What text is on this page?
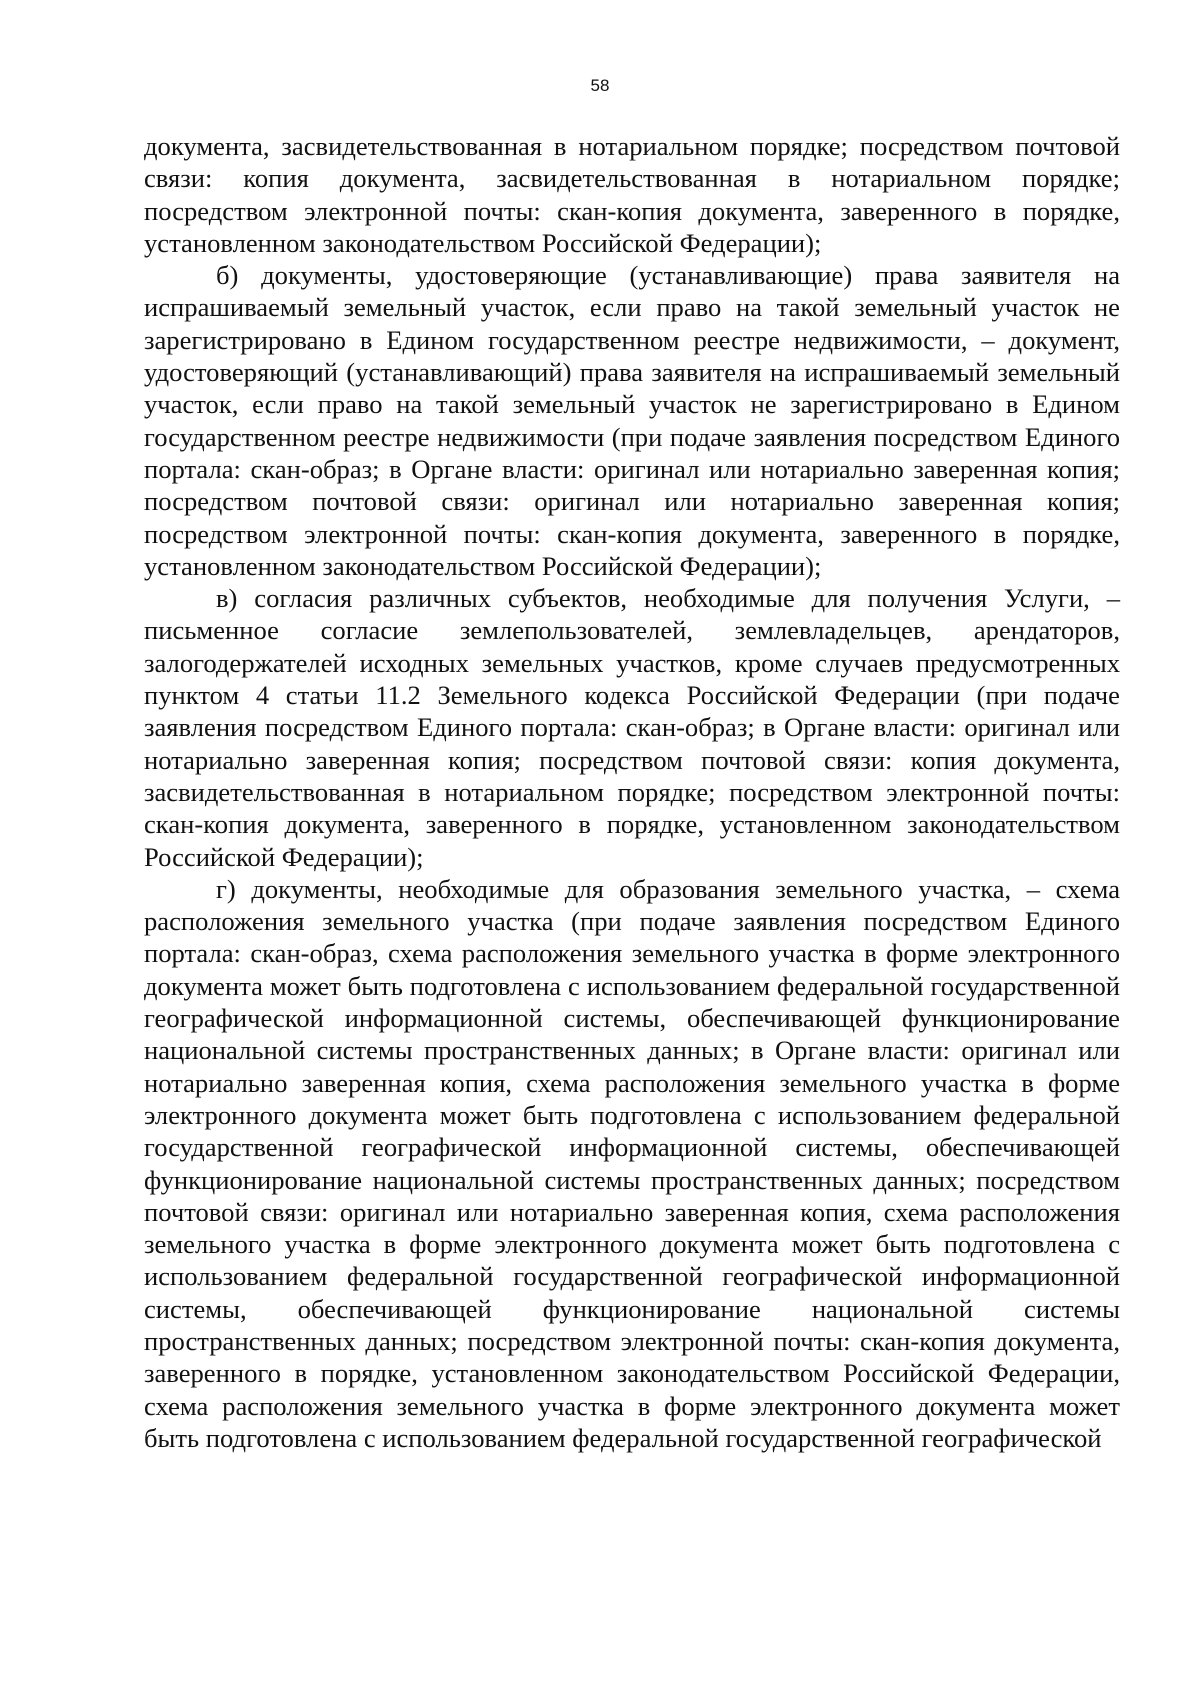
58

документа, засвидетельствованная в нотариальном порядке; посредством почтовой связи: копия документа, засвидетельствованная в нотариальном порядке; посредством электронной почты: скан-копия документа, заверенного в порядке, установленном законодательством Российской Федерации);

б) документы, удостоверяющие (устанавливающие) права заявителя на испрашиваемый земельный участок, если право на такой земельный участок не зарегистрировано в Едином государственном реестре недвижимости, – документ, удостоверяющий (устанавливающий) права заявителя на испрашиваемый земельный участок, если право на такой земельный участок не зарегистрировано в Едином государственном реестре недвижимости (при подаче заявления посредством Единого портала: скан-образ; в Органе власти: оригинал или нотариально заверенная копия; посредством почтовой связи: оригинал или нотариально заверенная копия; посредством электронной почты: скан-копия документа, заверенного в порядке, установленном законодательством Российской Федерации);

в) согласия различных субъектов, необходимые для получения Услуги, – письменное согласие землепользователей, землевладельцев, арендаторов, залогодержателей исходных земельных участков, кроме случаев предусмотренных пунктом 4 статьи 11.2 Земельного кодекса Российской Федерации (при подаче заявления посредством Единого портала: скан-образ; в Органе власти: оригинал или нотариально заверенная копия; посредством почтовой связи: копия документа, засвидетельствованная в нотариальном порядке; посредством электронной почты: скан-копия документа, заверенного в порядке, установленном законодательством Российской Федерации);

г) документы, необходимые для образования земельного участка, – схема расположения земельного участка (при подаче заявления посредством Единого портала: скан-образ, схема расположения земельного участка в форме электронного документа может быть подготовлена с использованием федеральной государственной географической информационной системы, обеспечивающей функционирование национальной системы пространственных данных; в Органе власти: оригинал или нотариально заверенная копия, схема расположения земельного участка в форме электронного документа может быть подготовлена с использованием федеральной государственной географической информационной системы, обеспечивающей функционирование национальной системы пространственных данных; посредством почтовой связи: оригинал или нотариально заверенная копия, схема расположения земельного участка в форме электронного документа может быть подготовлена с использованием федеральной государственной географической информационной системы, обеспечивающей функционирование национальной системы пространственных данных; посредством электронной почты: скан-копия документа, заверенного в порядке, установленном законодательством Российской Федерации, схема расположения земельного участка в форме электронного документа может быть подготовлена с использованием федеральной государственной географической
